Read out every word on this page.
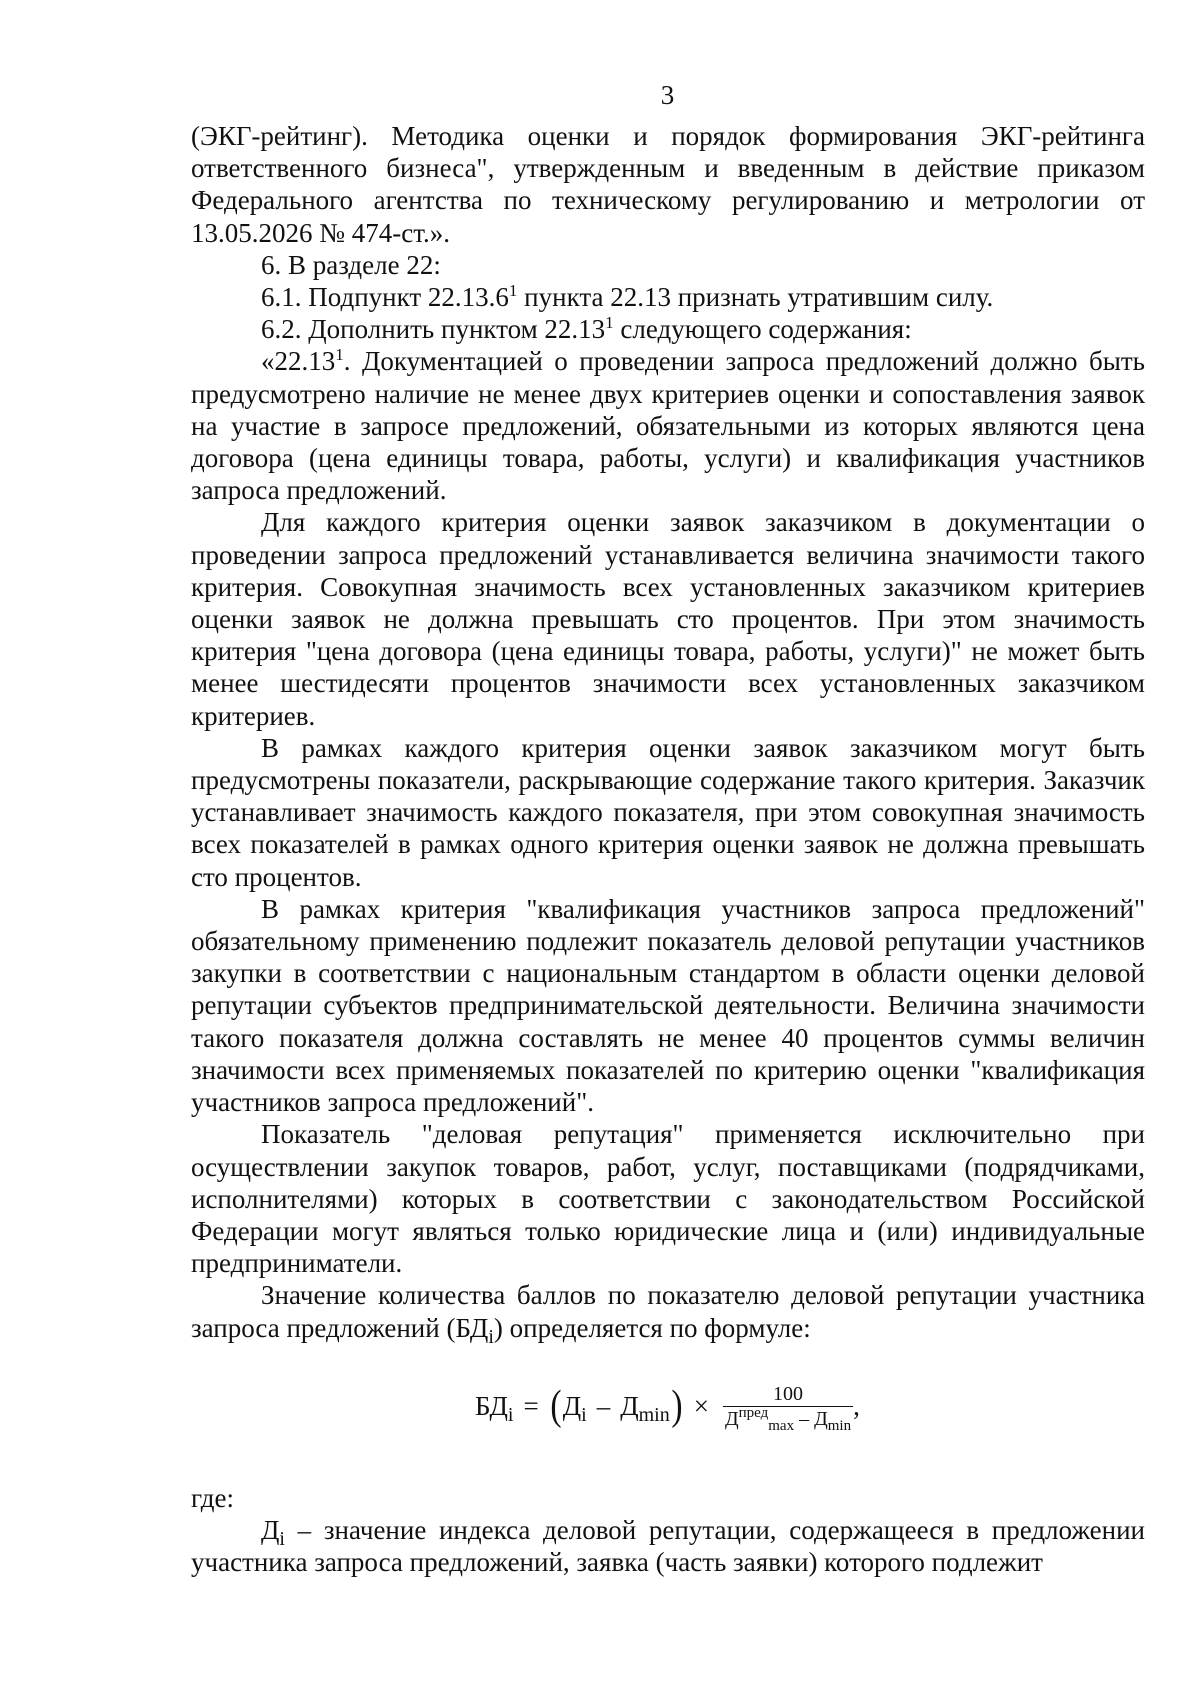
3

(ЭКГ-рейтинг). Методика оценки и порядок формирования ЭКГ-рейтинга ответственного бизнеса", утвержденным и введенным в действие приказом Федерального агентства по техническому регулированию и метрологии от 13.05.2026 № 474-ст.».

6. В разделе 22:

6.1. Подпункт 22.13.6$^1$ пункта 22.13 признать утратившим силу.

6.2. Дополнить пунктом 22.13$^1$ следующего содержания:

«22.13$^1$. Документацией о проведении запроса предложений должно быть предусмотрено наличие не менее двух критериев оценки и сопоставления заявок на участие в запросе предложений, обязательными из которых являются цена договора (цена единицы товара, работы, услуги) и квалификация участников запроса предложений.

Для каждого критерия оценки заявок заказчиком в документации о проведении запроса предложений устанавливается величина значимости такого критерия. Совокупная значимость всех установленных заказчиком критериев оценки заявок не должна превышать сто процентов. При этом значимость критерия "цена договора (цена единицы товара, работы, услуги)" не может быть менее шестидесяти процентов значимости всех установленных заказчиком критериев.

В рамках каждого критерия оценки заявок заказчиком могут быть предусмотрены показатели, раскрывающие содержание такого критерия. Заказчик устанавливает значимость каждого показателя, при этом совокупная значимость всех показателей в рамках одного критерия оценки заявок не должна превышать сто процентов.

В рамках критерия "квалификация участников запроса предложений" обязательному применению подлежит показатель деловой репутации участников закупки в соответствии с национальным стандартом в области оценки деловой репутации субъектов предпринимательской деятельности. Величина значимости такого показателя должна составлять не менее 40 процентов суммы величин значимости всех применяемых показателей по критерию оценки "квалификация участников запроса предложений".

Показатель "деловая репутация" применяется исключительно при осуществлении закупок товаров, работ, услуг, поставщиками (подрядчиками, исполнителями) которых в соответствии с законодательством Российской Федерации могут являться только юридические лица и (или) индивидуальные предприниматели.

Значение количества баллов по показателю деловой репутации участника запроса предложений $(БД_i)$ определяется по формуле:

$БД_i$ = ( $Д_i - Д_{min}$ ) × $\frac{100}{Д^{пред}_{max} - Д_{min}}$ ,

где:

$Д_i$ – значение индекса деловой репутации, содержащееся в предложении участника запроса предложений, заявка (часть заявки) которого подлежит
